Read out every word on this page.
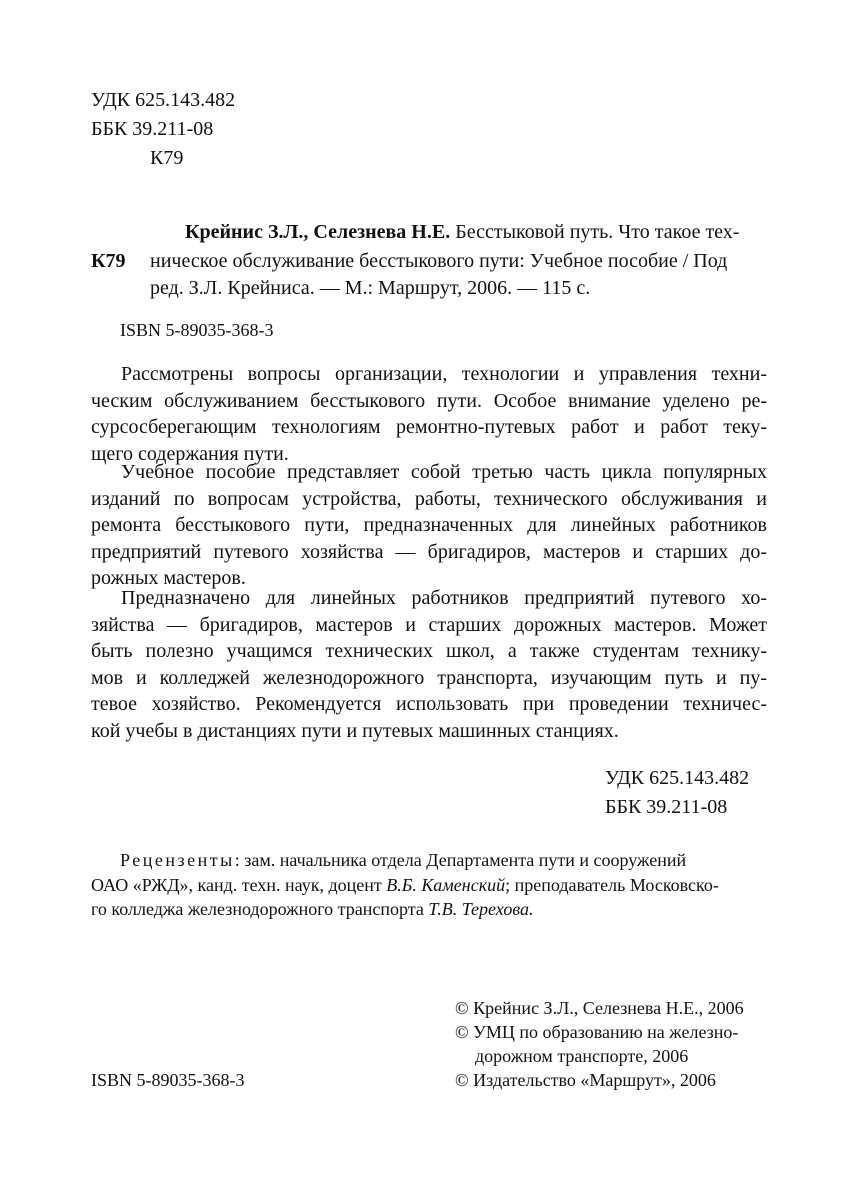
УДК 625.143.482
ББК 39.211-08
К79
К79
Крейнис З.Л., Селезнева Н.Е. Бесстыковой путь. Что такое тех-
ническое обслуживание бесстыкового пути: Учебное пособие / Под
ред. З.Л. Крейниса. — М.: Маршрут, 2006. — 115 с.
ISBN 5-89035-368-3
Рассмотрены вопросы организации, технологии и управления техни-
ческим обслуживанием бесстыкового пути. Особое внимание уделено ре-
сурсосберегающим технологиям ремонтно-путевых работ и работ теку-
щего содержания пути.
Учебное пособие представляет собой третью часть цикла популярных
изданий по вопросам устройства, работы, технического обслуживания и
ремонта бесстыкового пути, предназначенных для линейных работников
предприятий путевого хозяйства — бригадиров, мастеров и старших до-
рожных мастеров.
Предназначено для линейных работников предприятий путевого хо-
зяйства — бригадиров, мастеров и старших дорожных мастеров. Может
быть полезно учащимся технических школ, а также студентам технику-
мов и колледжей железнодорожного транспорта, изучающим путь и пу-
тевое хозяйство. Рекомендуется использовать при проведении техничес-
кой учебы в дистанциях пути и путевых машинных станциях.
УДК 625.143.482
ББК 39.211-08
Рецензенты: зам. начальника отдела Департамента пути и сооружений
ОАО «РЖД», канд. техн. наук, доцент В.Б. Каменский; преподаватель Московско-
го колледжа железнодорожного транспорта Т.В. Терехова.
© Крейнис З.Л., Селезнева Н.Е., 2006
© УМЦ по образованию на железно-
дорожном транспорте, 2006
© Издательство «Маршрут», 2006
ISBN 5-89035-368-3
